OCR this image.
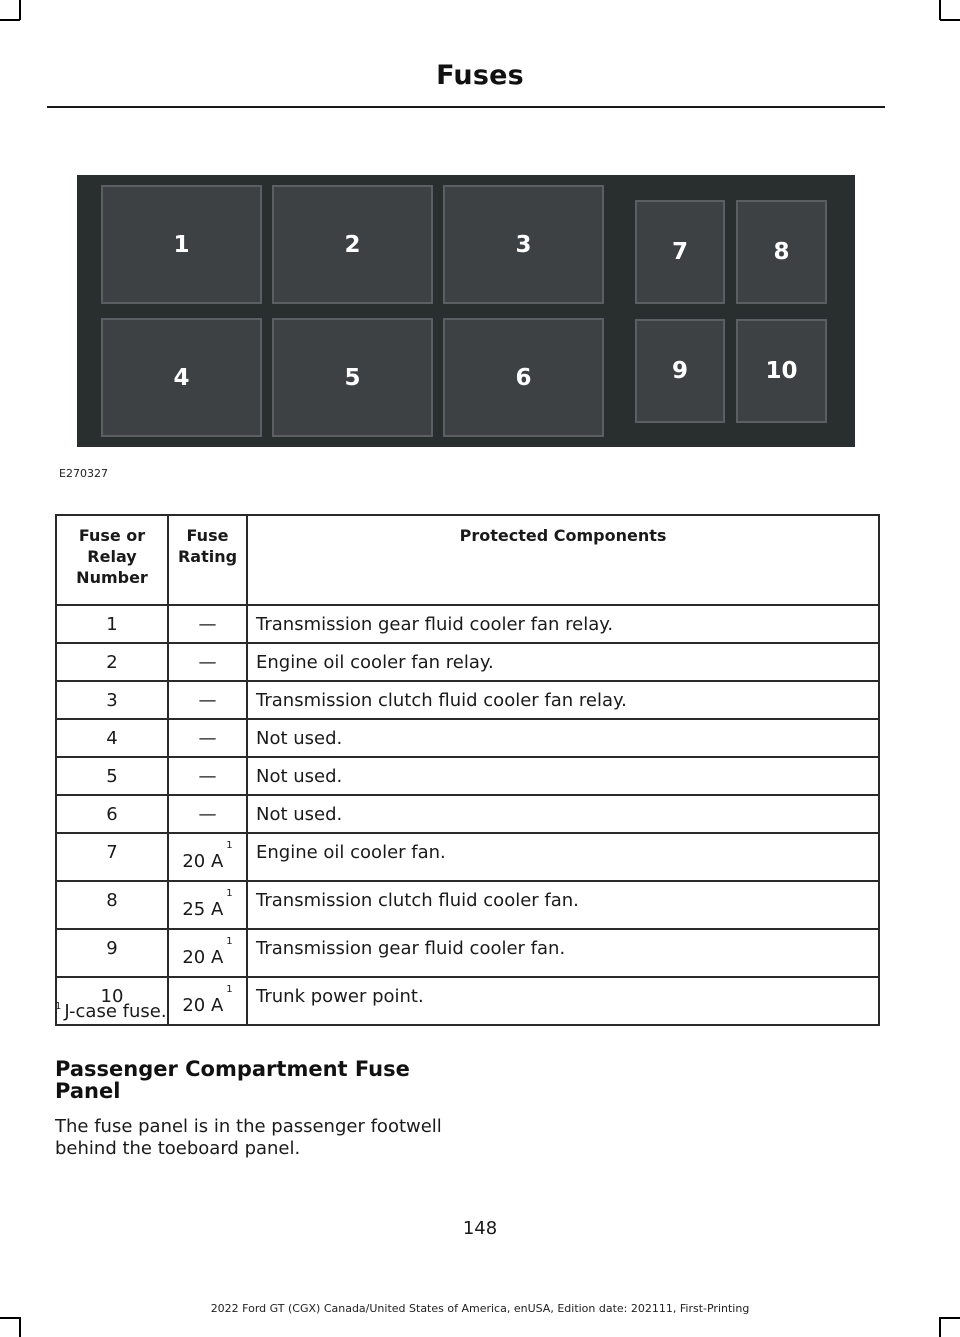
Fuses
1	2	3
4	5	6
7	8
9	10
E270327
Fuse or Relay Number	Fuse Rating	Protected Components
1	—	Transmission gear fluid cooler fan relay.
2	—	Engine oil cooler fan relay.
3	—	Transmission clutch fluid cooler fan relay.
4	—	Not used.
5	—	Not used.
6	—	Not used.
7	20 A$^1$	Engine oil cooler fan.
8	25 A$^1$	Transmission clutch fluid cooler fan.
9	20 A$^1$	Transmission gear fluid cooler fan.
10	20 A$^1$	Trunk power point.
$^1$ J-case fuse.
Passenger Compartment Fuse Panel
The fuse panel is in the passenger footwell behind the toeboard panel.
148
2022 Ford GT (CGX) Canada/United States of America, enUSA, Edition date: 202111, First-Printing
